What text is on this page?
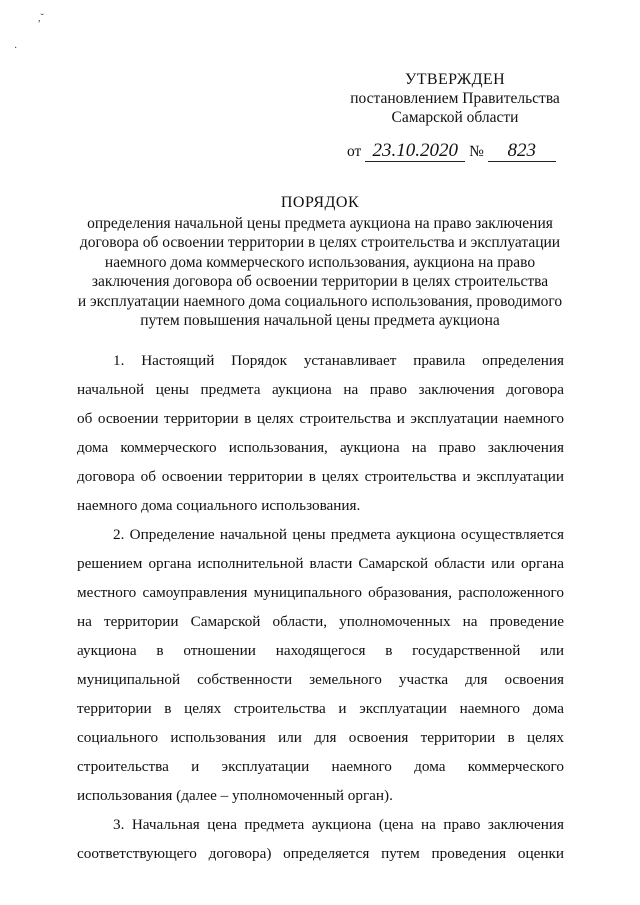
,ˇ
·
УТВЕРЖДЕН
постановлением Правительства
Самарской области
от 23.10.2020 № 823
ПОРЯДОК
определения начальной цены предмета аукциона на право заключения
договора об освоении территории в целях строительства и эксплуатации
наемного дома коммерческого использования, аукциона на право
заключения договора об освоении территории в целях строительства
и эксплуатации наемного дома социального использования, проводимого
путем повышения начальной цены предмета аукциона
1. Настоящий Порядок устанавливает правила определения
начальной цены предмета аукциона на право заключения договора
об освоении территории в целях строительства и эксплуатации наемного
дома коммерческого использования, аукциона на право заключения
договора об освоении территории в целях строительства и эксплуатации
наемного дома социального использования.
2. Определение начальной цены предмета аукциона осуществляется
решением органа исполнительной власти Самарской области или органа
местного самоуправления муниципального образования, расположенного
на территории Самарской области, уполномоченных на проведение
аукциона в отношении находящегося в государственной или
муниципальной собственности земельного участка для освоения
территории в целях строительства и эксплуатации наемного дома
социального использования или для освоения территории в целях
строительства и эксплуатации наемного дома коммерческого
использования (далее – уполномоченный орган).
3. Начальная цена предмета аукциона (цена на право заключения
соответствующего договора) определяется путем проведения оценки
